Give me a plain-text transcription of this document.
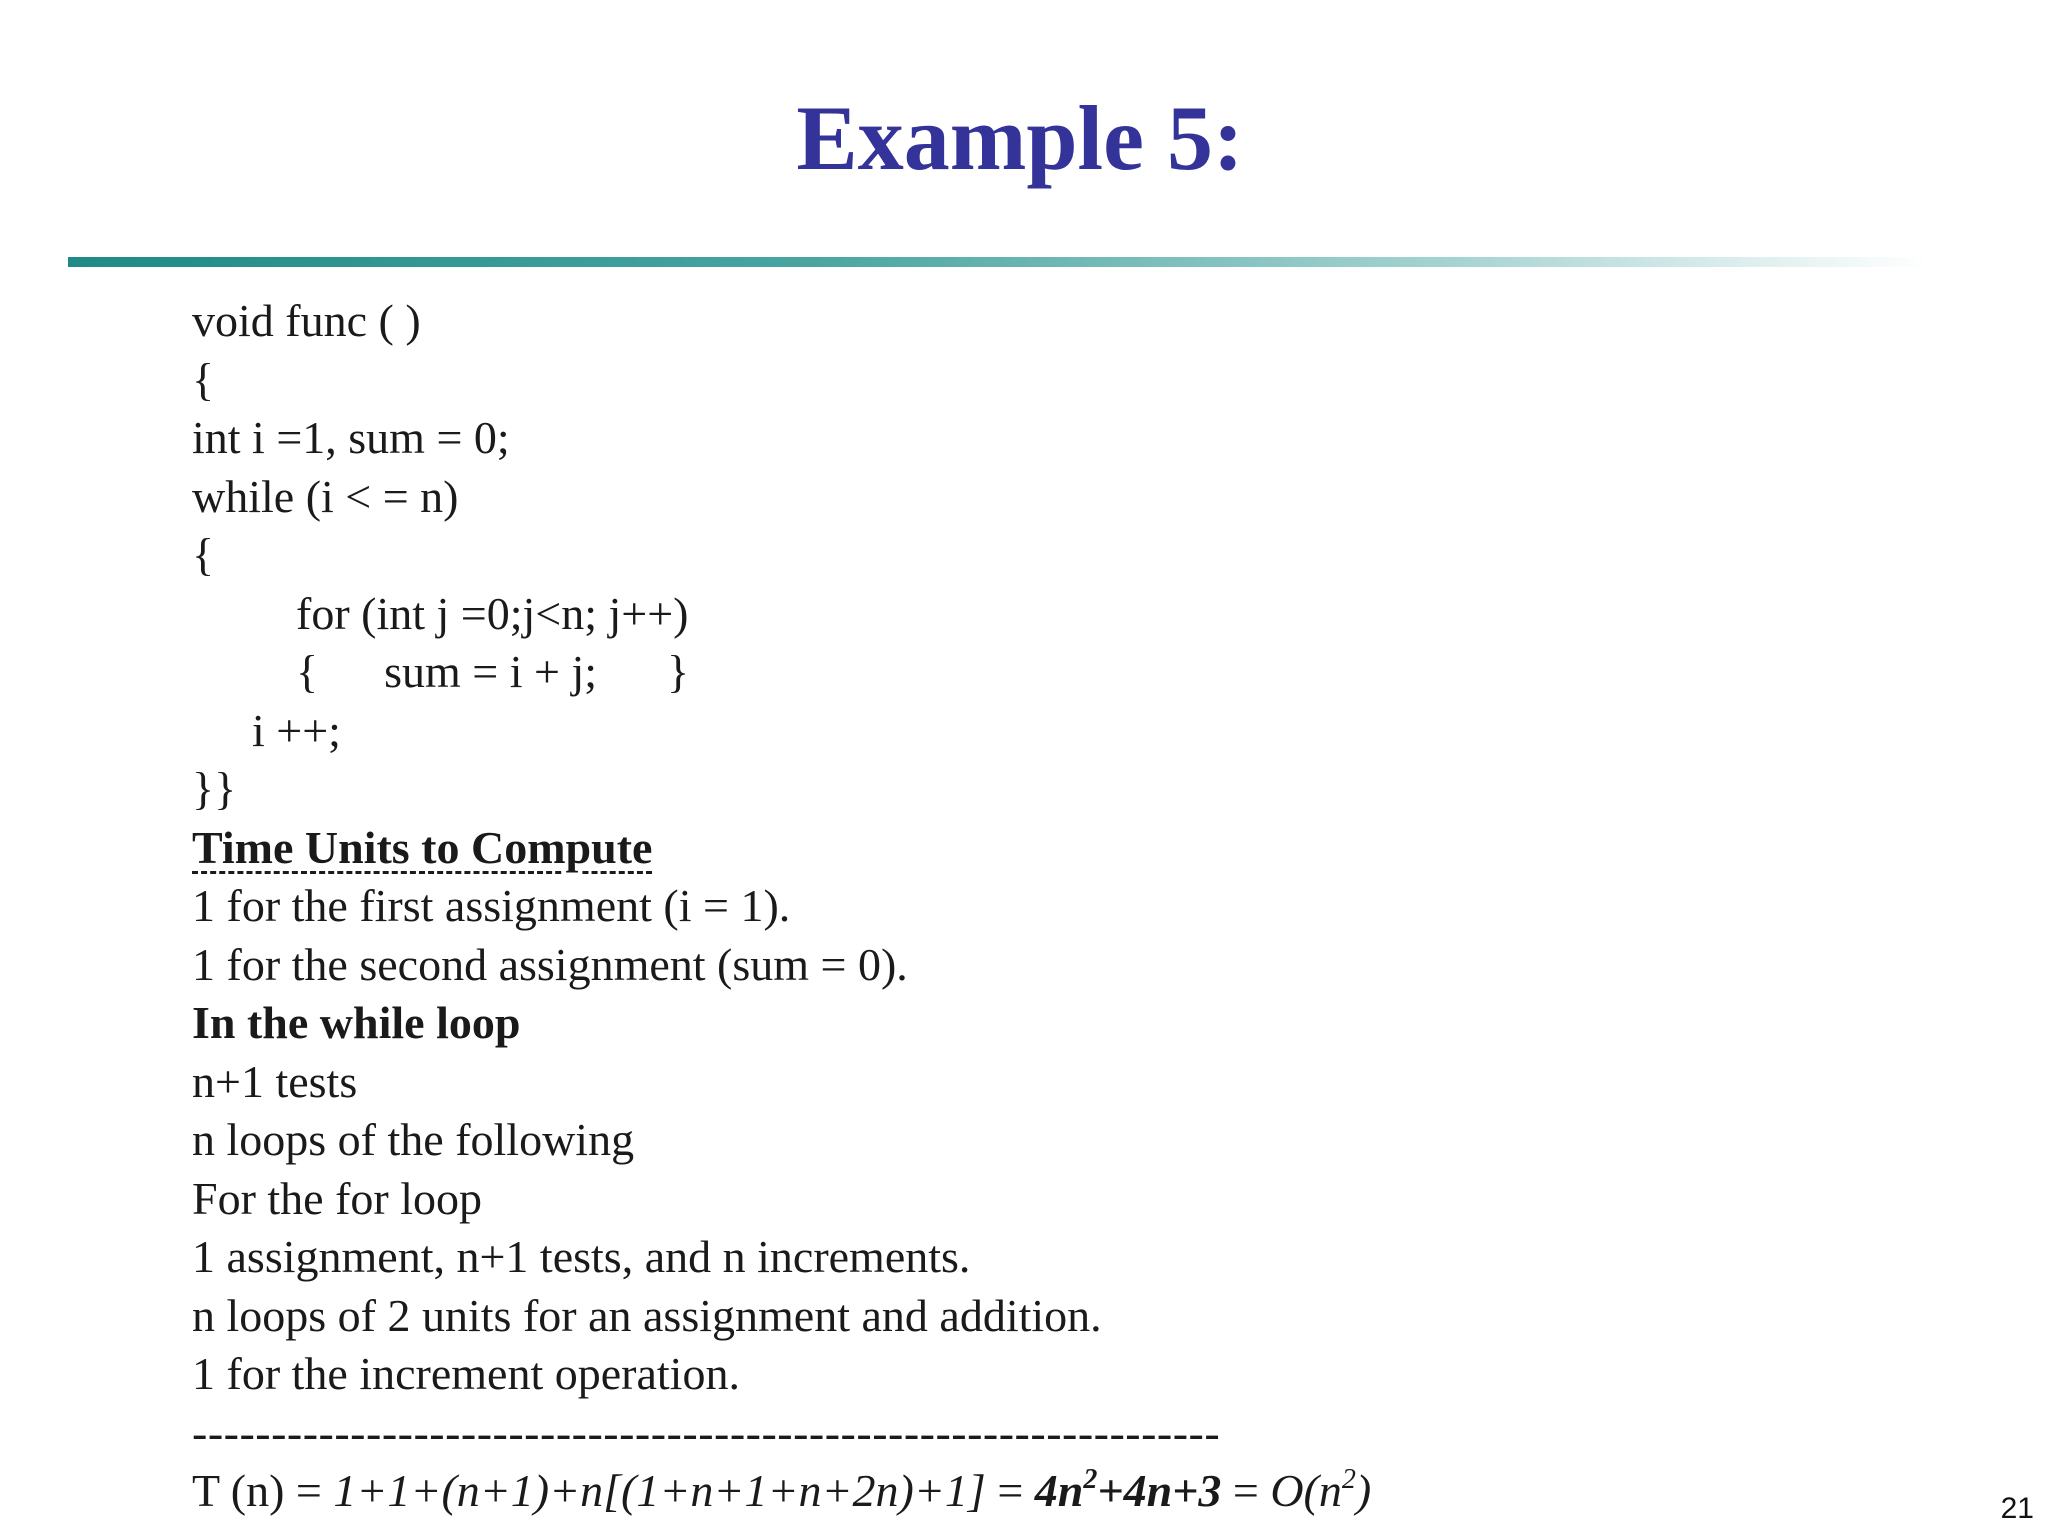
Example 5:
void func ( )
{
int i =1, sum = 0;
while (i < = n)
{
for (int j =0;j<n; j++)
{ sum = i + j; }
i ++;
}}
Time Units to Compute
1 for the first assignment (i = 1).
1 for the second assignment (sum = 0).
In the while loop
n+1 tests
n loops of the following
For the for loop
1 assignment, n+1 tests, and n increments.
n loops of 2 units for an assignment and addition.
1 for the increment operation.
-----------------------------------------------------------------
T $(n) = 1+1+(n+1)+n[(1+n+1+n+2n)+1] = 4n^2+4n+3 = O(n^2)$	21
